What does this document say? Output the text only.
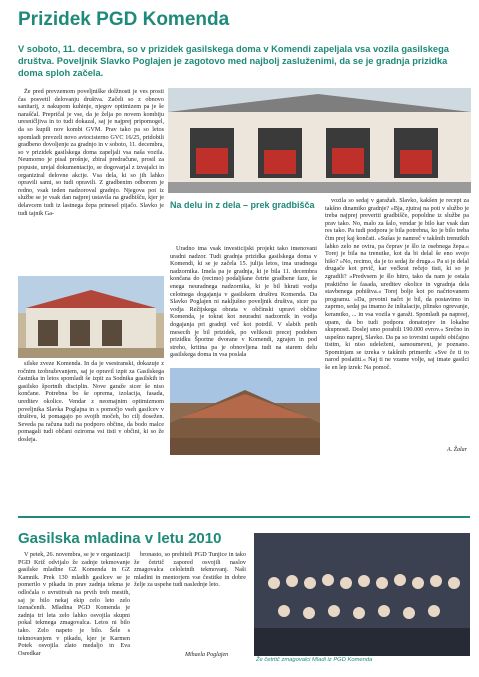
Prizidek PGD Komenda

V soboto, 11. decembra, so v prizidek gasilskega doma v Komendi zapeljala vsa vozila gasilskega društva. Poveljnik Slavko Poglajen je zagotovo med najbolj zasluženimi, da se je gradnja prizidka doma sploh začela.

Že pred prevzemom poveljniške dolžnosti je ves prosti čas posvetil delovanju društva. Začeli so z obnovo sanitarij, z nakupom kuhinje, njegov optimizem pa je še naraščal. Prepričal je vse, da je želja po novem kombiju uresničljiva in to tudi dokazal, saj je najprej pripomogel, da so kupili nov kombi GVM. Prav tako pa so letos spomladi prevzeli novo avtocisterno GVC 16/25, pridobili gradbeno dovoljenje za gradnjo in v soboto, 11. decembra, so v prizidek gasilskega doma zapeljali vsa naša vozila. Neumorno je pisal prošnje, zbiral predračune, prosil za popuste, urejal dokumentacijo, se dogovarjal z izvajalci in organiziral delovne akcije. Vsa dela, ki so jih lahko opravili sami, so tudi opravili. Z gradbenim odborom je redno, vsak teden nadzoroval gradnjo. Njegova pot iz službe se je vsak dan najprej ustavila na gradbišču, kjer je delavcem tudi iz lastnega žepa prinesel pijačo. Slavko je tudi tajnik Ga-

Na delu in z dela – prek gradbišča

Uradno ima vsak investicijski projekt tako imenovani uradni nadzor. Tudi gradnja prizidka gasilskega doma v Komendi, ki se je začela 15. julija letos, ima uradnega nadzornika. Imela pa je gradnja, ki je bila 11. decembra končana do (recimo) podaljšane četrte gradbene faze, še enega neuradnega nadzornika, ki je bil hkrati vodja celotnega dogajanja v gasilskem društvu Komenda. Da Slavko Poglajen ni nakljušno poveljnik društva, sicer pa vodja Režijskega obrata v občinski upravi občine Komenda, je tokrat kot neuradni nadzornik in vodja dogajanja pri gradnji več kot potrdil. V slabih petih mesecih je bil prizidek, po velikosti precej podoben prizidku Športne dvorane v Komendi, zgrajen in pod streho, kritina pa je obnovljena tudi na starem delu gasilskega doma in vsa poslala

vozila so sedaj v garažah. Slavko, kakšen je recept za takšno dinamiko gradnje? »Bja, zjutraj na poti v službo je treba najprej preveriti gradbišče, popoldne iz službe pa prav tako. No, malo za šalo, vendar je bilo kar vsak dan res tako. Pa tudi podpora je bila potrebna, ko je bilo treba čim prej kaj končati. »Sušas je namreč v takšnih trenutkih lahko zelo ne ovira, pa čeprav je šlo iz osebnega žepa.« Torej je bila na trenutke, kot da bi delal še eno svojo hišo? »No, recimo, da je to sedaj že druga.« Pa si je delal drugače kot prvič, kar večkrat rečejo tisti, ki so je zgradili? »Predvsem je šlo hitro, tako da nam je ostala praktično še fasada, ureditev okolice in vgradnja dela stavbenega pohištva.« Torej bolje kot po načrtovanem programu. »Da, prvotni načrt je bil, da postavimo in zaprmo, sedaj pa imamo že inštalacije, plinsko ogrevanje, keramiko, ... in vsa vozila v garaži. Spomladi pa napreej, upam, da bo tudi podpora donatorjev in lokalne skupnosti. Doslej smo porabili 190.000 evrov.« Srečno in uspešno naprej, Slavko. Da pa so tovrstni uspehi običajno tistim, ki niso udeleženi, samoumevni, je poznano. Spominjam se izreka v takšnih primerih: »Sve če ti to narod poslatiti.« Naj ti ne vzame volje, saj imate gasilci še en lep izrek: Na pomoč.

silske zveze Komenda. In da je vsestranski, dokazuje z ročnim izobraževanjem, saj je opravil izpit za Gasilskega častnika in letos spomladi še izpit za Sodnika gasilskih in gasilsko športnih disciplin. Nove garaže sicer še niso končane. Potrebna bo še oprema, izolacija, fasada, ureditev okolice. Vendar z neomajnim optimizmom poveljnika Slavka Poglajna in s pomočjo vseh gasilcev v društvu, ki pomagajo po svojih močeh, bo cilj dosežen. Seveda pa računa tudi na podporo občine, da bodo malce pomagali tudi občani oziroma vsi tisti v občini, ki so že dosleja.

A. Žalar
Gasilska mladina v letu 2010

V petek, 26. novembra, se je v organizaciji PGD Križ odvijalo že zadnje tekmovanje gasilske mladine GZ Komenda in GZ Kamnik. Prek 130 mladih gasilcev se je pomerilo v pikadu in prav zadnja tekma je odločala o uvrstitvah na prvih treh mestih, saj je bilo nekaj ekip celo leto zelo izenačenih. Mladina PGD Komenda je zadnja tri leta zelo lahko osvojila skupni pokal tekmega zmagovalca. Letos ni bilo tako. Zelo napeto je bilo. Šele s tekmovanjem v pikadu, kjer je Karmen Potek osvojila zlato medaljo in Eva Osredkar

bronasto, so prehiteli PGD Tunjice in tako že četrtič zapored osvojili naslov zmagovalca celoletnih tekmovanj. Naši mladini in mentorjem vse čestitke in dobre želje za uspehe tudi naslednje leto.

Mihaela Poglajen
Že četrtič zmagovalci Mladi iz PGD Komenda
